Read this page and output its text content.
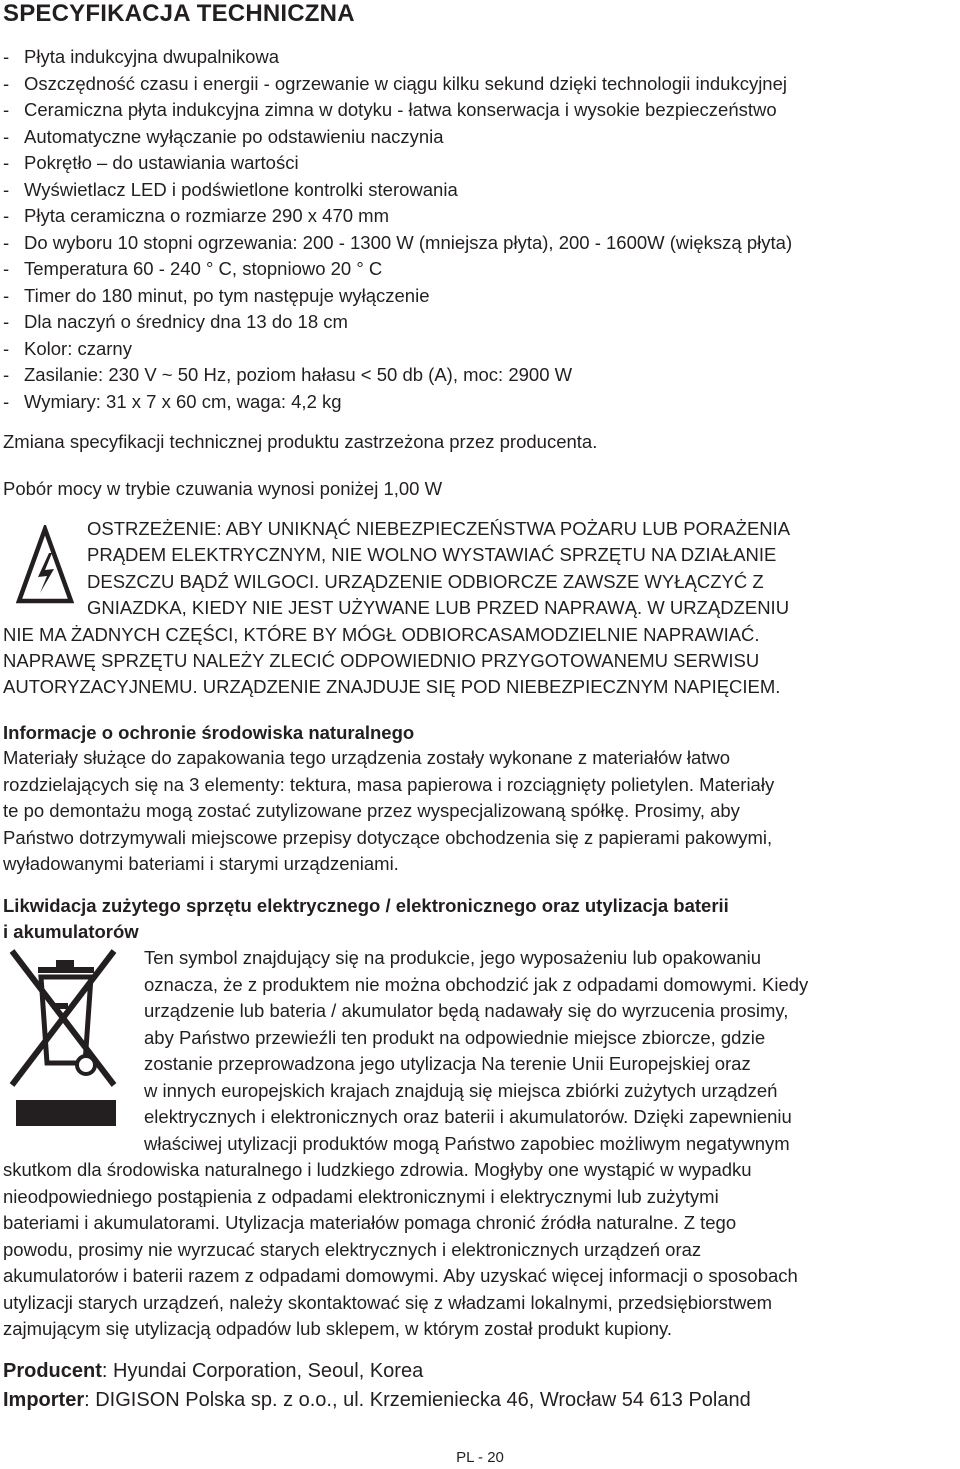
SPECYFIKACJA TECHNICZNA
- Płyta indukcyjna dwupalnikowa
- Oszczędność czasu i energii - ogrzewanie w ciągu kilku sekund dzięki technologii indukcyjnej
- Ceramiczna płyta indukcyjna zimna w dotyku - łatwa konserwacja i wysokie bezpieczeństwo
- Automatyczne wyłączanie po odstawieniu naczynia
- Pokrętło – do ustawiania wartości
- Wyświetlacz LED i podświetlone kontrolki sterowania
- Płyta ceramiczna o rozmiarze 290 x 470 mm
- Do wyboru 10 stopni ogrzewania: 200 - 1300 W (mniejsza płyta), 200 - 1600W (większą płyta)
- Temperatura 60 - 240 ° C, stopniowo 20 ° C
- Timer do 180 minut, po tym następuje wyłączenie
- Dla naczyń o średnicy dna 13 do 18 cm
- Kolor: czarny
- Zasilanie: 230 V ~ 50 Hz, poziom hałasu < 50 db (A), moc: 2900 W
- Wymiary: 31 x 7 x 60 cm, waga: 4,2 kg

Zmiana specyfikacji technicznej produktu zastrzeżona przez producenta.

Pobór mocy w trybie czuwania wynosi poniżej 1,00 W

OSTRZEŻENIE: ABY UNIKNĄĆ NIEBEZPIECZEŃSTWA POŻARU LUB PORAŻENIA
PRĄDEM ELEKTRYCZNYM, NIE WOLNO WYSTAWIAĆ SPRZĘTU NA DZIAŁANIE
DESZCZU BĄDŹ WILGOCI. URZĄDZENIE ODBIORCZE ZAWSZE WYŁĄCZYĆ Z
GNIAZDKA, KIEDY NIE JEST UŻYWANE LUB PRZED NAPRAWĄ. W URZĄDZENIU
NIE MA ŻADNYCH CZĘŚCI, KTÓRE BY MÓGŁ ODBIORCASAMODZIELNIE NAPRAWIAĆ.
NAPRAWĘ SPRZĘTU NALEŻY ZLECIĆ ODPOWIEDNIO PRZYGOTOWANEMU SERWISU
AUTORYZACYJNEMU. URZĄDZENIE ZNAJDUJE SIĘ POD NIEBEZPIECZNYM NAPIĘCIEM.

Informacje o ochronie środowiska naturalnego

Materiały służące do zapakowania tego urządzenia zostały wykonane z materiałów łatwo
rozdzielających się na 3 elementy: tektura, masa papierowa i rozciągnięty polietylen. Materiały
te po demontażu mogą zostać zutylizowane przez wyspecjalizowaną spółkę. Prosimy, aby
Państwo dotrzymywali miejscowe przepisy dotyczące obchodzenia się z papierami pakowymi,
wyładowanymi bateriami i starymi urządzeniami.
Likwidacja zużytego sprzętu elektrycznego / elektronicznego oraz utylizacja baterii
i akumulatorów
Ten symbol znajdujący się na produkcie, jego wyposażeniu lub opakowaniu
oznacza, że z produktem nie można obchodzić jak z odpadami domowymi. Kiedy
urządzenie lub bateria / akumulator będą nadawały się do wyrzucenia prosimy,
aby Państwo przewieźli ten produkt na odpowiednie miejsce zbiorcze, gdzie
zostanie przeprowadzona jego utylizacja Na terenie Unii Europejskiej oraz
w innych europejskich krajach znajdują się miejsca zbiórki zużytych urządzeń
elektrycznych i elektronicznych oraz baterii i akumulatorów. Dzięki zapewnieniu
właściwej utylizacji produktów mogą Państwo zapobiec możliwym negatywnym
skutkom dla środowiska naturalnego i ludzkiego zdrowia. Mogłyby one wystąpić w wypadku
nieodpowiedniego postąpienia z odpadami elektronicznymi i elektrycznymi lub zużytymi
bateriami i akumulatorami. Utylizacja materiałów pomaga chronić źródła naturalne. Z tego
powodu, prosimy nie wyrzucać starych elektrycznych i elektronicznych urządzeń oraz
akumulatorów i baterii razem z odpadami domowymi. Aby uzyskać więcej informacji o sposobach
utylizacji starych urządzeń, należy skontaktować się z władzami lokalnymi, przedsiębiorstwem
zajmującym się utylizacją odpadów lub sklepem, w którym został produkt kupiony.
Producent: Hyundai Corporation, Seoul, Korea
Importer: DIGISON Polska sp. z o.o., ul. Krzemieniecka 46, Wrocław 54 613 Poland
PL - 20
